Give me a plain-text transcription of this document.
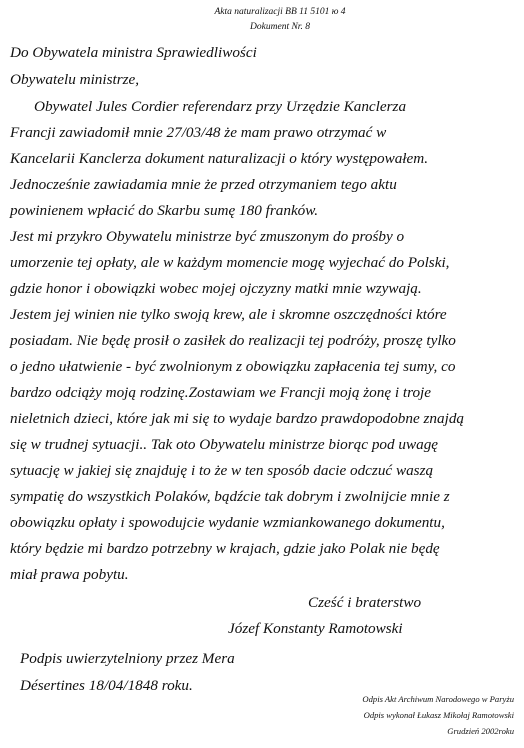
Akta naturalizacji BB 11 5101 ю 4
Dokument Nr. 8
Do Obywatela ministra Sprawiedliwości
Obywatelu ministrze,
Obywatel Jules Cordier referendarz przy Urzędzie Kanclerza
Francji zawiadomił mnie 27/03/48 że mam prawo otrzymać w
Kancelarii Kanclerza dokument naturalizacji o który występowałem.
Jednocześnie zawiadamia mnie że przed otrzymaniem tego aktu
powinienem wpłacić do Skarbu sumę 180 franków.
Jest mi przykro Obywatelu ministrze być zmuszonym do prośby o
umorzenie tej opłaty, ale w każdym momencie mogę wyjechać do Polski,
gdzie honor i obowiązki wobec mojej ojczyzny matki mnie wzywają.
Jestem jej winien nie tylko swoją krew, ale i skromne oszczędności które
posiadam. Nie będę prosił o zasiłek do realizacji tej podróży, proszę tylko
o jedno ułatwienie - być zwolnionym z obowiązku zapłacenia tej sumy, co
bardzo odciąży moją rodzinę.Zostawiam we Francji moją żonę i troje
nieletnich dzieci, które jak mi się to wydaje bardzo prawdopodobne znajdą
się w trudnej sytuacji.. Tak oto Obywatelu ministrze biorąc pod uwagę
sytuację w jakiej się znajduję i to że w ten sposób dacie odczuć waszą
sympatię do wszystkich Polaków, bądźcie tak dobrym i zwolnijcie mnie z
obowiązku opłaty i spowodujcie wydanie wzmiankowanego dokumentu,
który będzie mi bardzo potrzebny w krajach, gdzie jako Polak nie będę
miał prawa pobytu.
Cześć i braterstwo
Józef Konstanty Ramotowski
Podpis uwierzytelniony przez Mera
Désertines 18/04/1848 roku.
Odpis Akt Archiwum Narodowego w Paryżu
Odpis wykonał Łukasz Mikołaj Ramotowski
Grudzień 2002roku
